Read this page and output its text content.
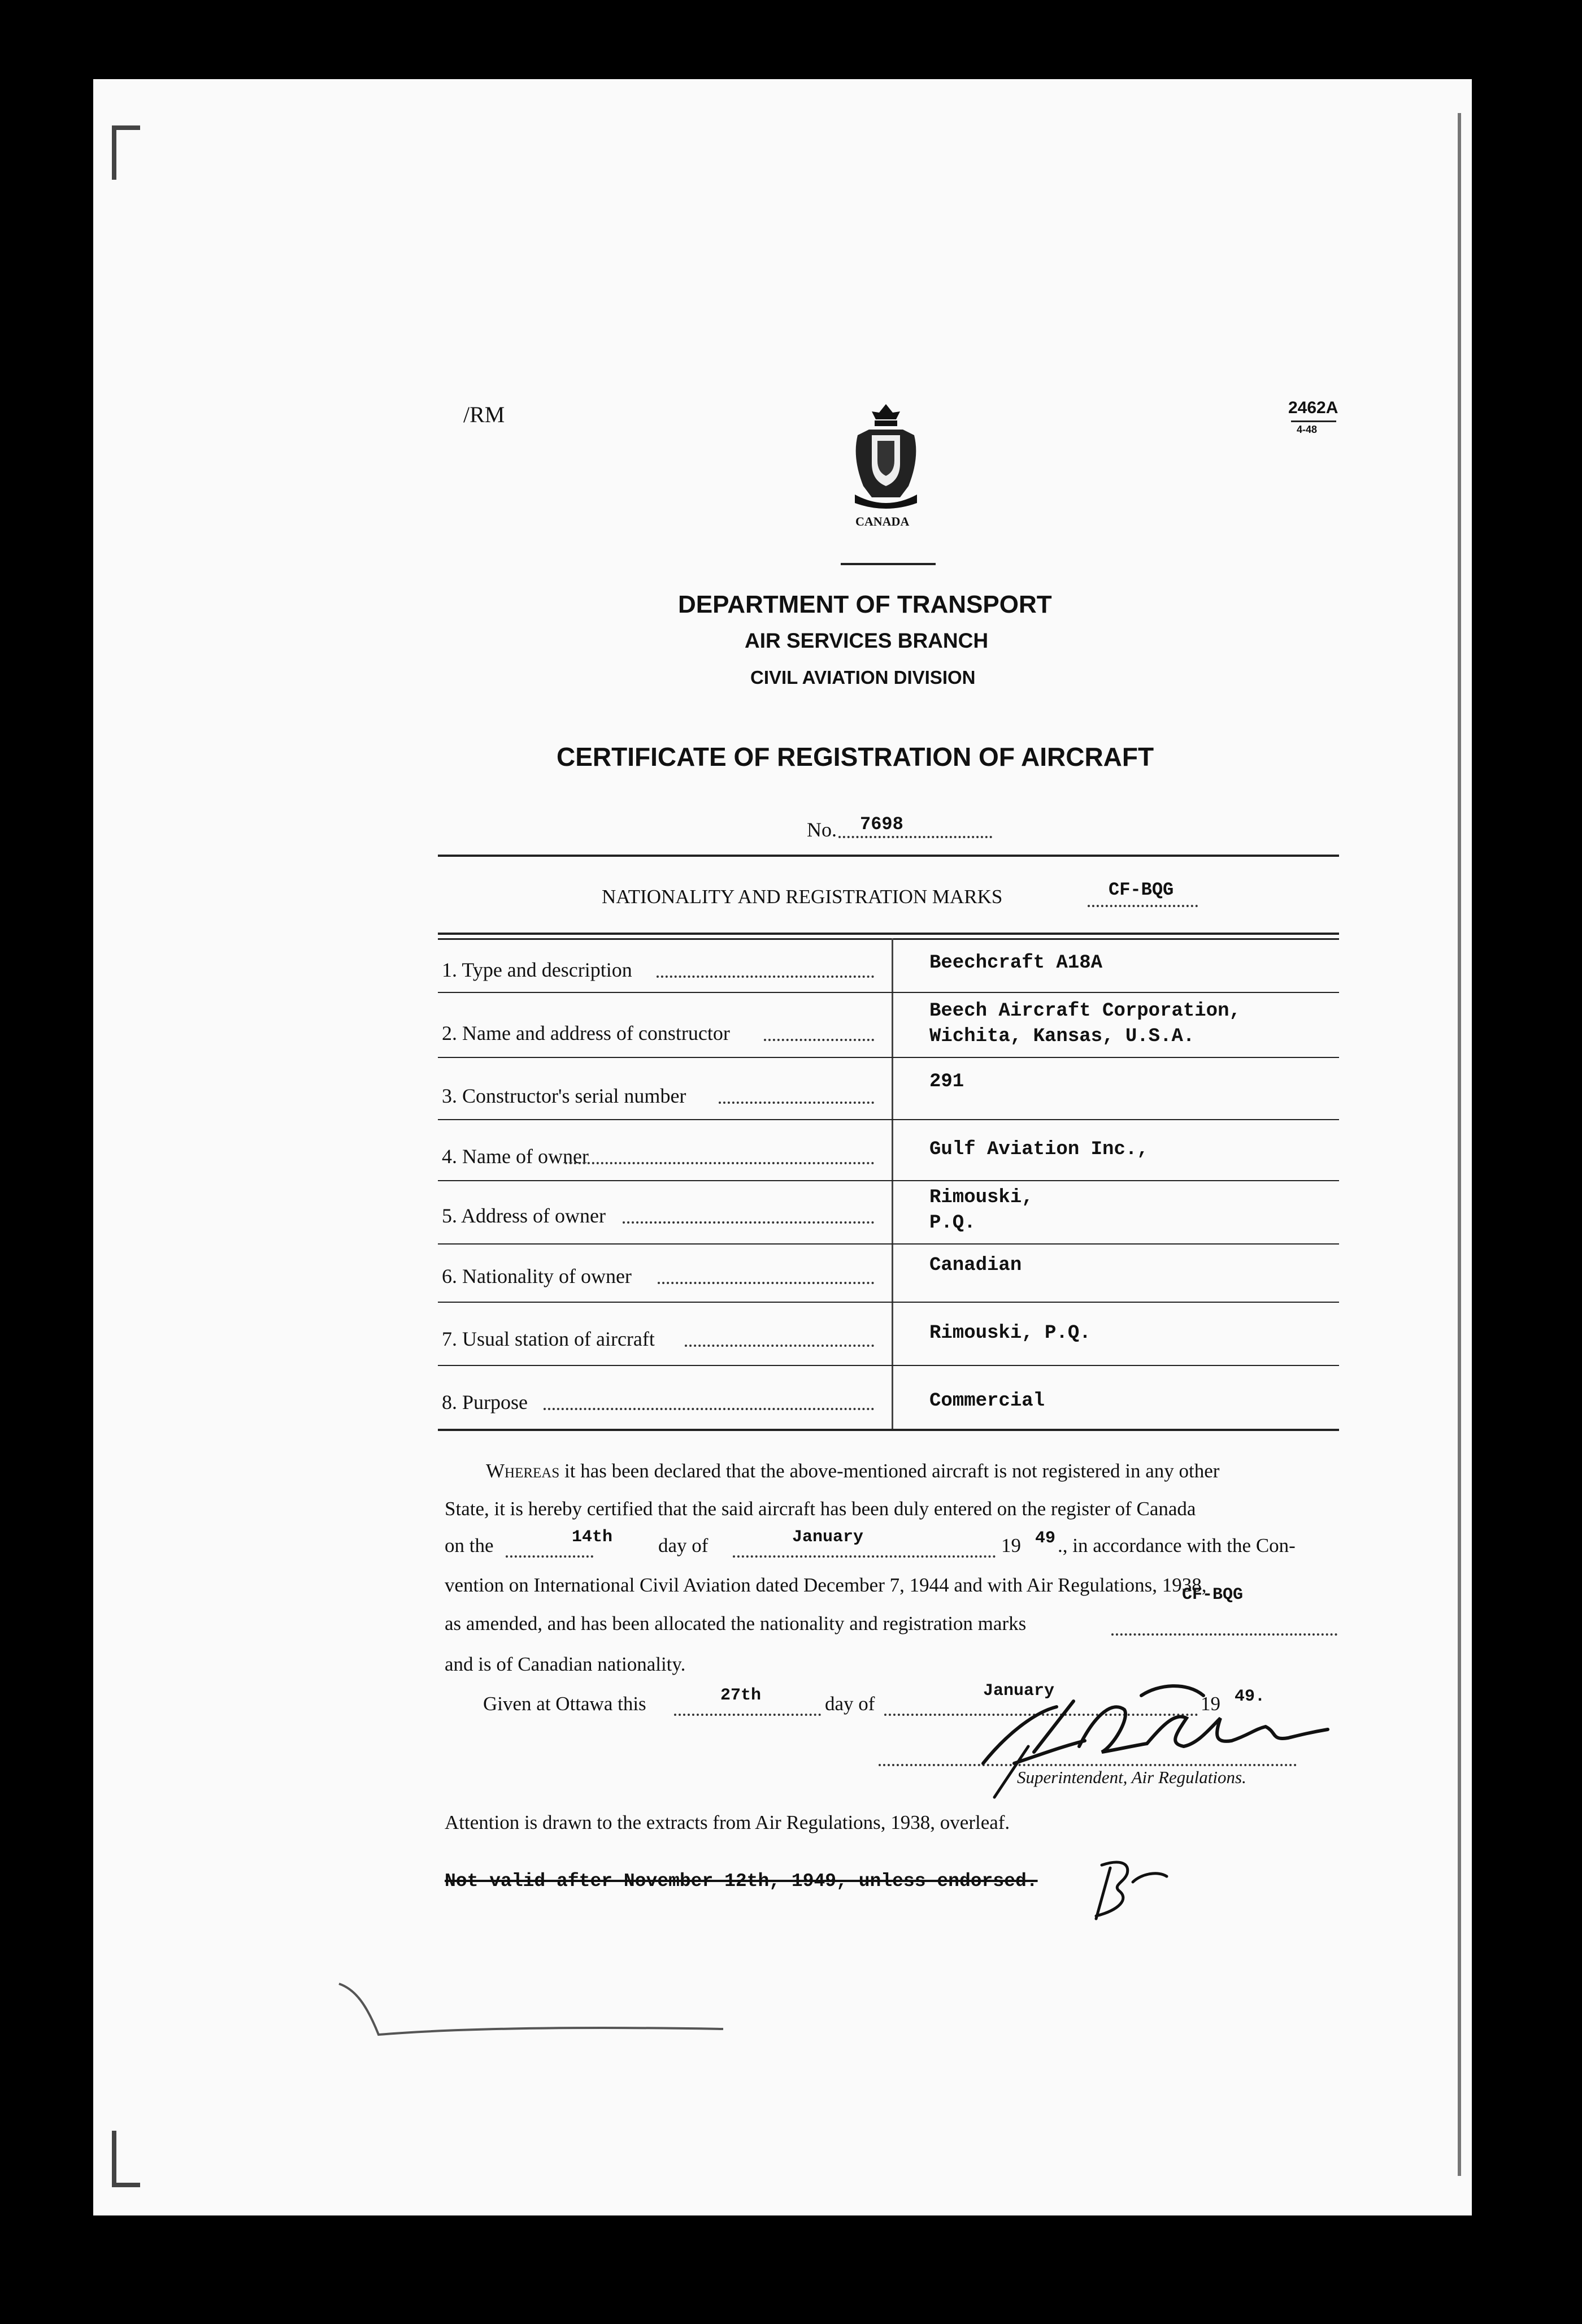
/RM	2462A
4-48
CANADA
DEPARTMENT OF TRANSPORT
AIR SERVICES BRANCH
CIVIL AVIATION DIVISION
CERTIFICATE OF REGISTRATION OF AIRCRAFT
No. 7698
NATIONALITY AND REGISTRATION MARKS	CF-BQG
1. Type and description	Beechcraft A18A
2. Name and address of constructor
Beech Aircraft Corporation,
Wichita, Kansas, U.S.A.
3. Constructor's serial number
291
4. Name of owner	Gulf Aviation Inc.,
5. Address of owner
Rimouski,
P.Q.
6. Nationality of owner	Canadian
7. Usual station of aircraft	Rimouski, P.Q.
8. Purpose	Commercial
Whereas it has been declared that the above-mentioned aircraft is not registered in any other
State, it is hereby certified that the said aircraft has been duly entered on the register of Canada
on the	14th day of	January	19 49 ., in accordance with the Con-
vention on International Civil Aviation dated December 7, 1944 and with Air Regulations, 1938,
as amended, and has been allocated the nationality and registration marks
CF-BQG
and is of Canadian nationality.
Given at Ottawa this	27th	day of
January
19 49.
Superintendent, Air Regulations.
Attention is drawn to the extracts from Air Regulations, 1938, overleaf.
Not valid after November 12th, 1949, unless endorsed.
